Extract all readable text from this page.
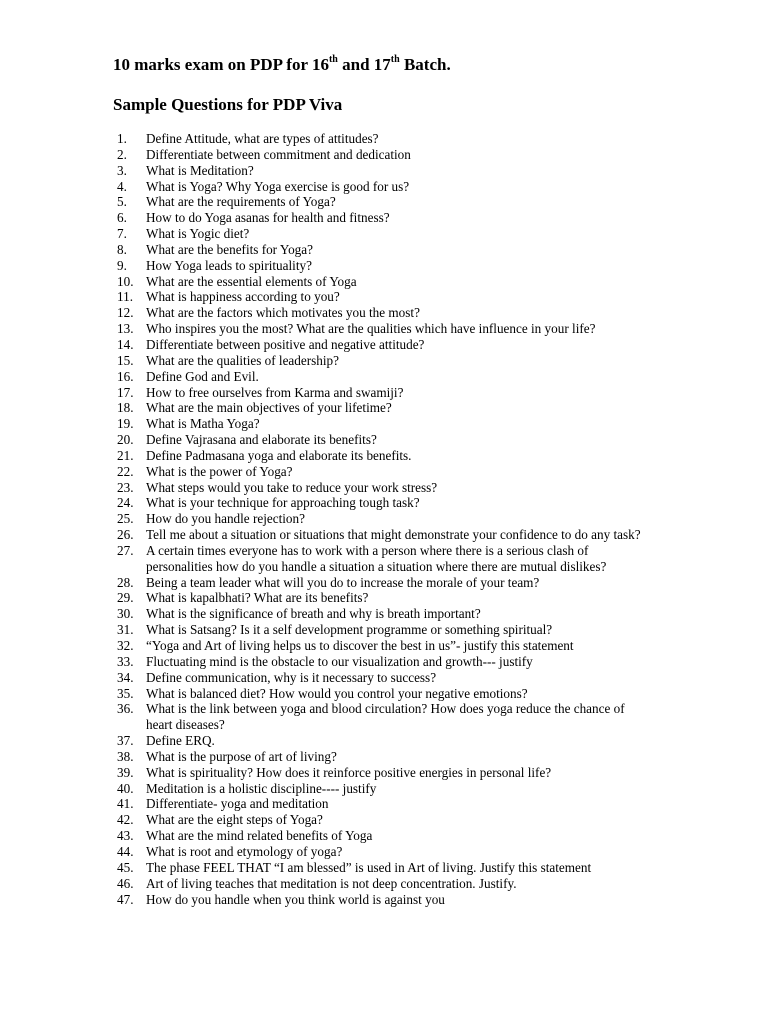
10 marks exam on PDP for 16th and 17th Batch.
Sample Questions for PDP Viva
1. Define Attitude, what are types of attitudes?
2. Differentiate between commitment and dedication
3. What is Meditation?
4. What is Yoga? Why Yoga exercise is good for us?
5. What are the requirements of Yoga?
6. How to do Yoga asanas for health and fitness?
7. What is Yogic diet?
8. What are the benefits for Yoga?
9. How Yoga leads to spirituality?
10. What are the essential elements of Yoga
11. What is happiness according to you?
12. What are the factors which motivates you the most?
13. Who inspires you the most? What are the qualities which have influence in your life?
14. Differentiate between positive and negative attitude?
15. What are the qualities of leadership?
16. Define God and Evil.
17. How to free ourselves from Karma and swamiji?
18. What are the main objectives of your lifetime?
19. What is Matha Yoga?
20. Define Vajrasana and elaborate its benefits?
21. Define Padmasana yoga and elaborate its benefits.
22. What is the power of Yoga?
23. What steps would you take to reduce your work stress?
24. What is your technique for approaching tough task?
25. How do you handle rejection?
26. Tell me about a situation or situations that might demonstrate your confidence to do any task?
27. A certain times everyone has to work with a person where there is a serious clash of personalities how do you handle a situation a situation where there are mutual dislikes?
28. Being a team leader what will you do to increase the morale of your team?
29. What is kapalbhati? What are its benefits?
30. What is the significance of breath and why is breath important?
31. What is Satsang? Is it a self development programme or something spiritual?
32. “Yoga and Art of living helps us to discover the best in us”- justify this statement
33. Fluctuating mind is the obstacle to our visualization and growth--- justify
34. Define communication, why is it necessary to success?
35. What is balanced diet? How would you control your negative emotions?
36. What is the link between yoga and blood circulation? How does yoga reduce the chance of heart diseases?
37. Define ERQ.
38. What is the purpose of art of living?
39. What is spirituality? How does it reinforce positive energies in personal life?
40. Meditation is a holistic discipline---- justify
41. Differentiate- yoga and meditation
42. What are the eight steps of Yoga?
43. What are the mind related benefits of Yoga
44. What is root and etymology of yoga?
45. The phase FEEL THAT “I am blessed” is used in Art of living. Justify this statement
46. Art of living teaches that meditation is not deep concentration. Justify.
47. How do you handle when you think world is against you
